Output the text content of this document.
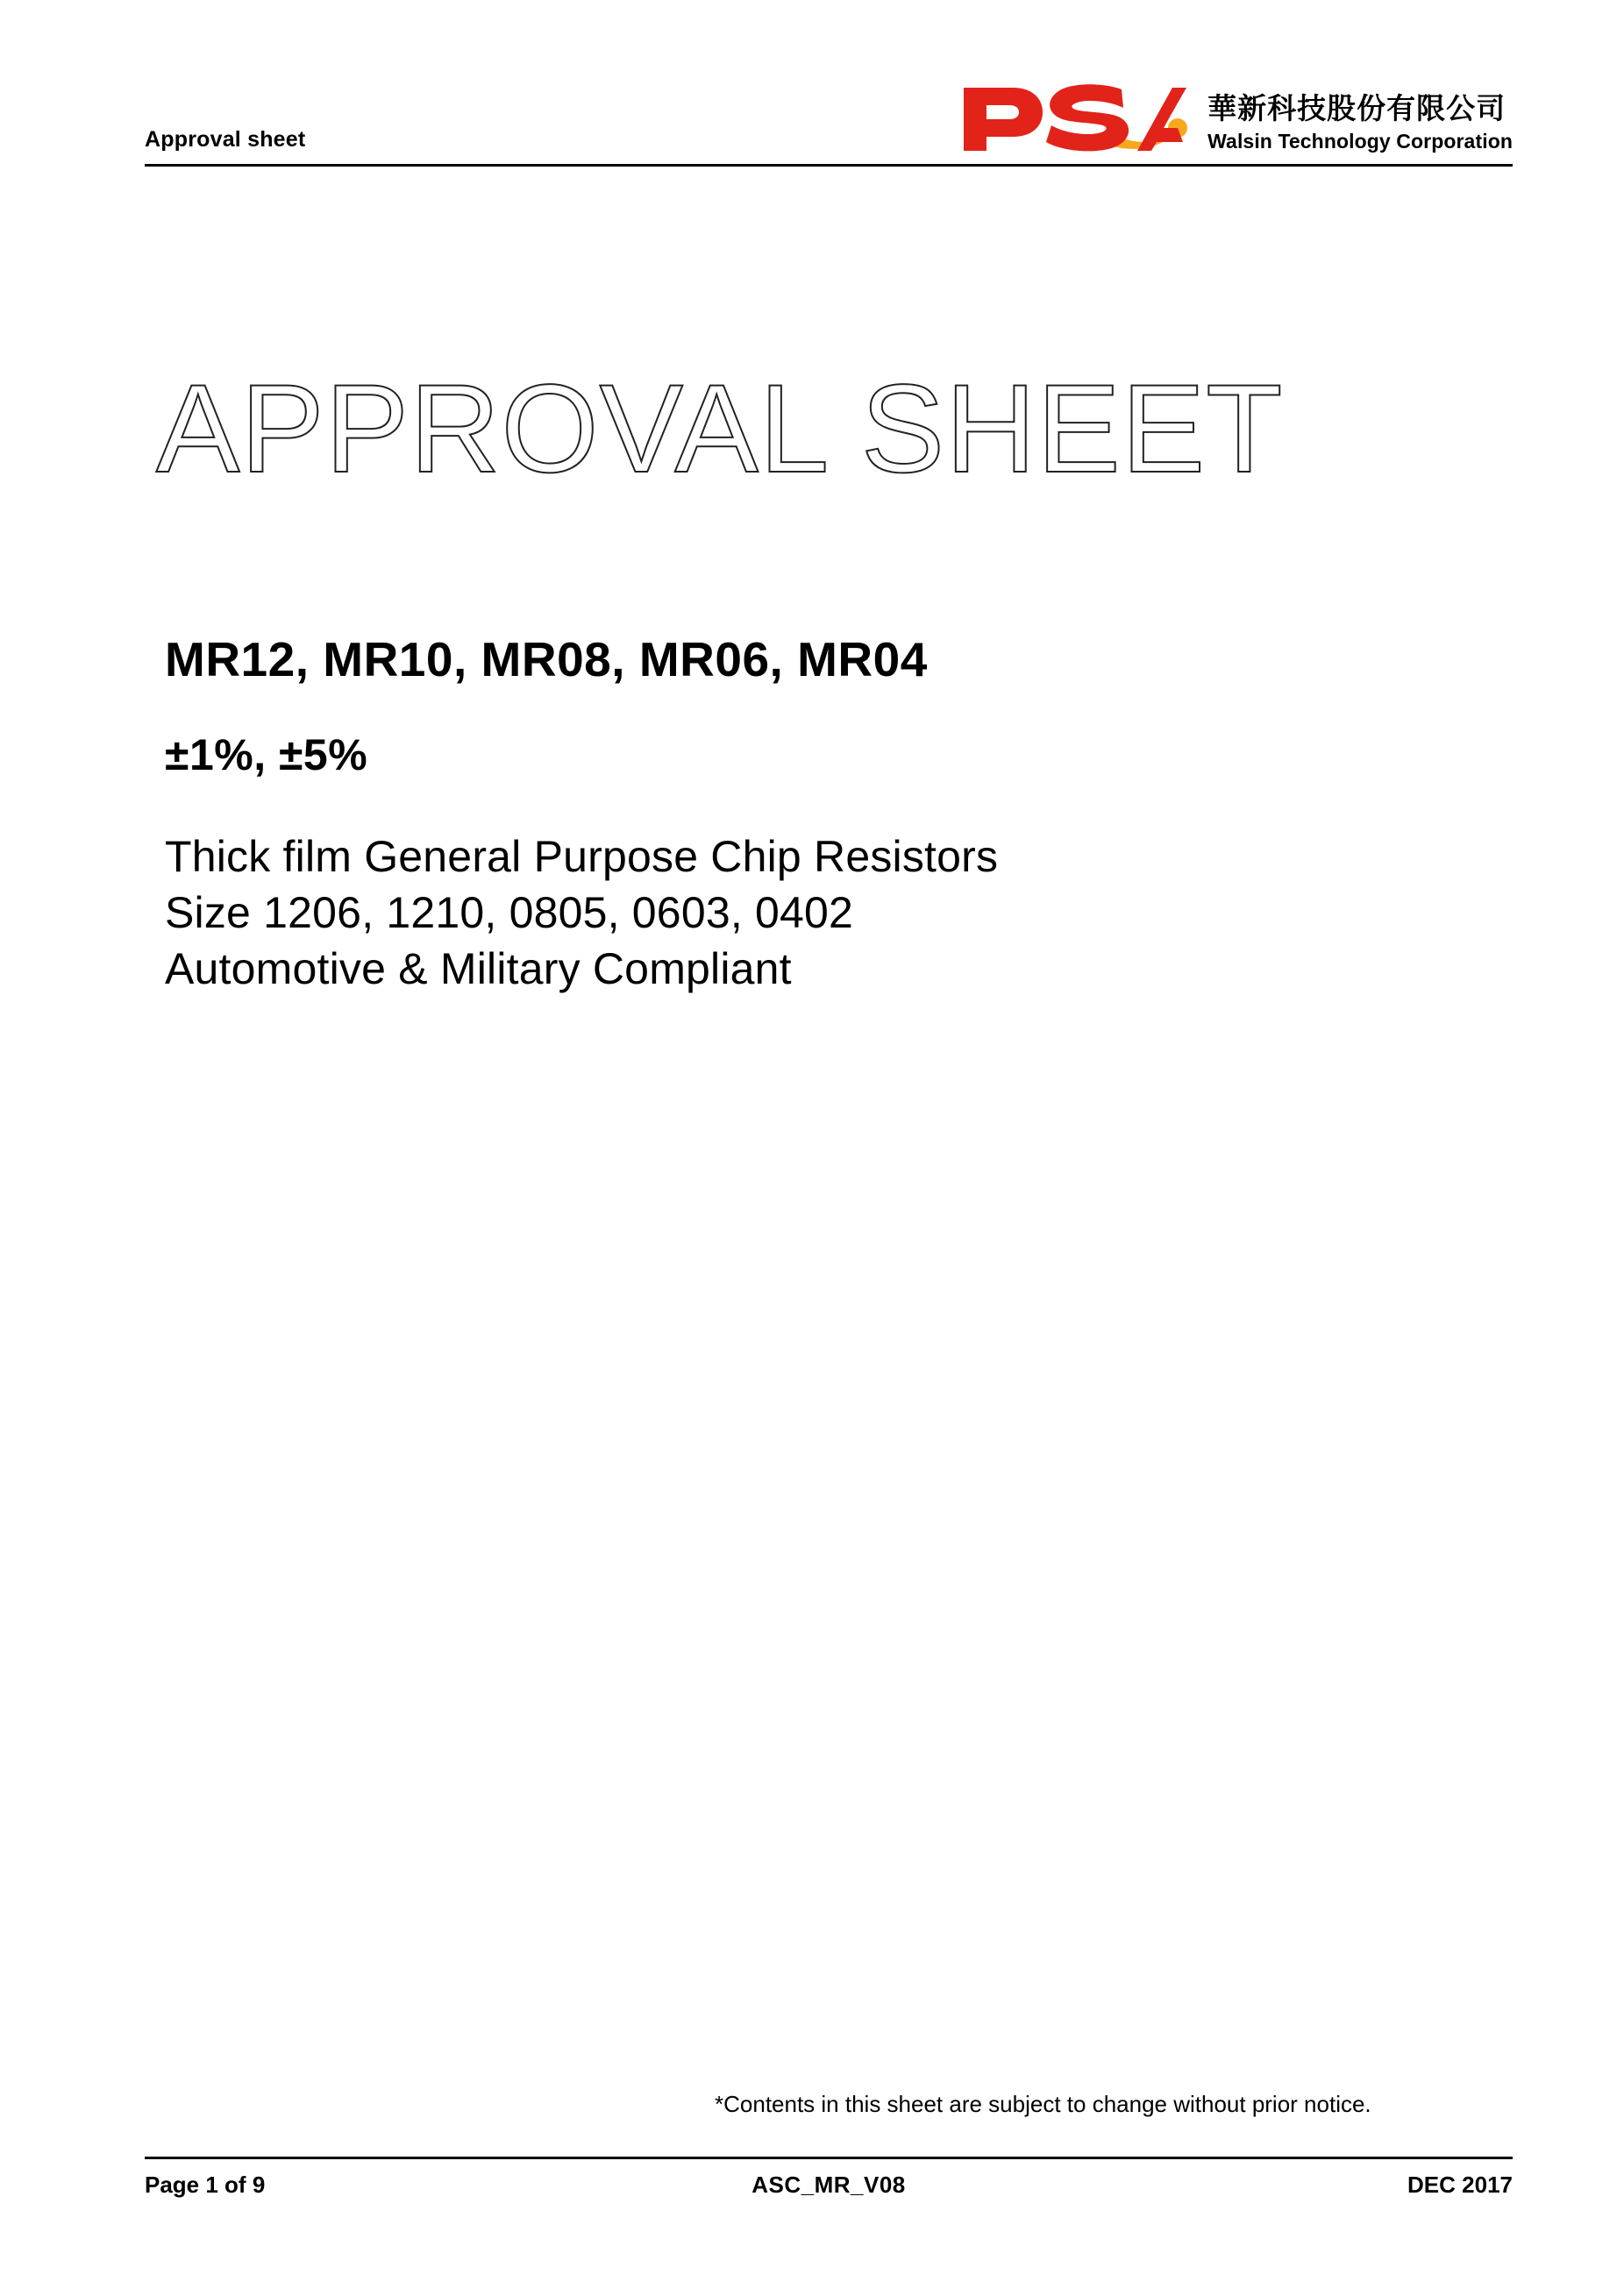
Approval sheet
華新科技股份有限公司
Walsin Technology Corporation
APPROVAL SHEET
MR12, MR10, MR08, MR06, MR04
±1%, ±5%
Thick film General Purpose Chip Resistors
Size 1206, 1210, 0805, 0603, 0402
Automotive & Military Compliant
*Contents in this sheet are subject to change without prior notice.
Page 1 of 9	ASC_MR_V08	DEC 2017
